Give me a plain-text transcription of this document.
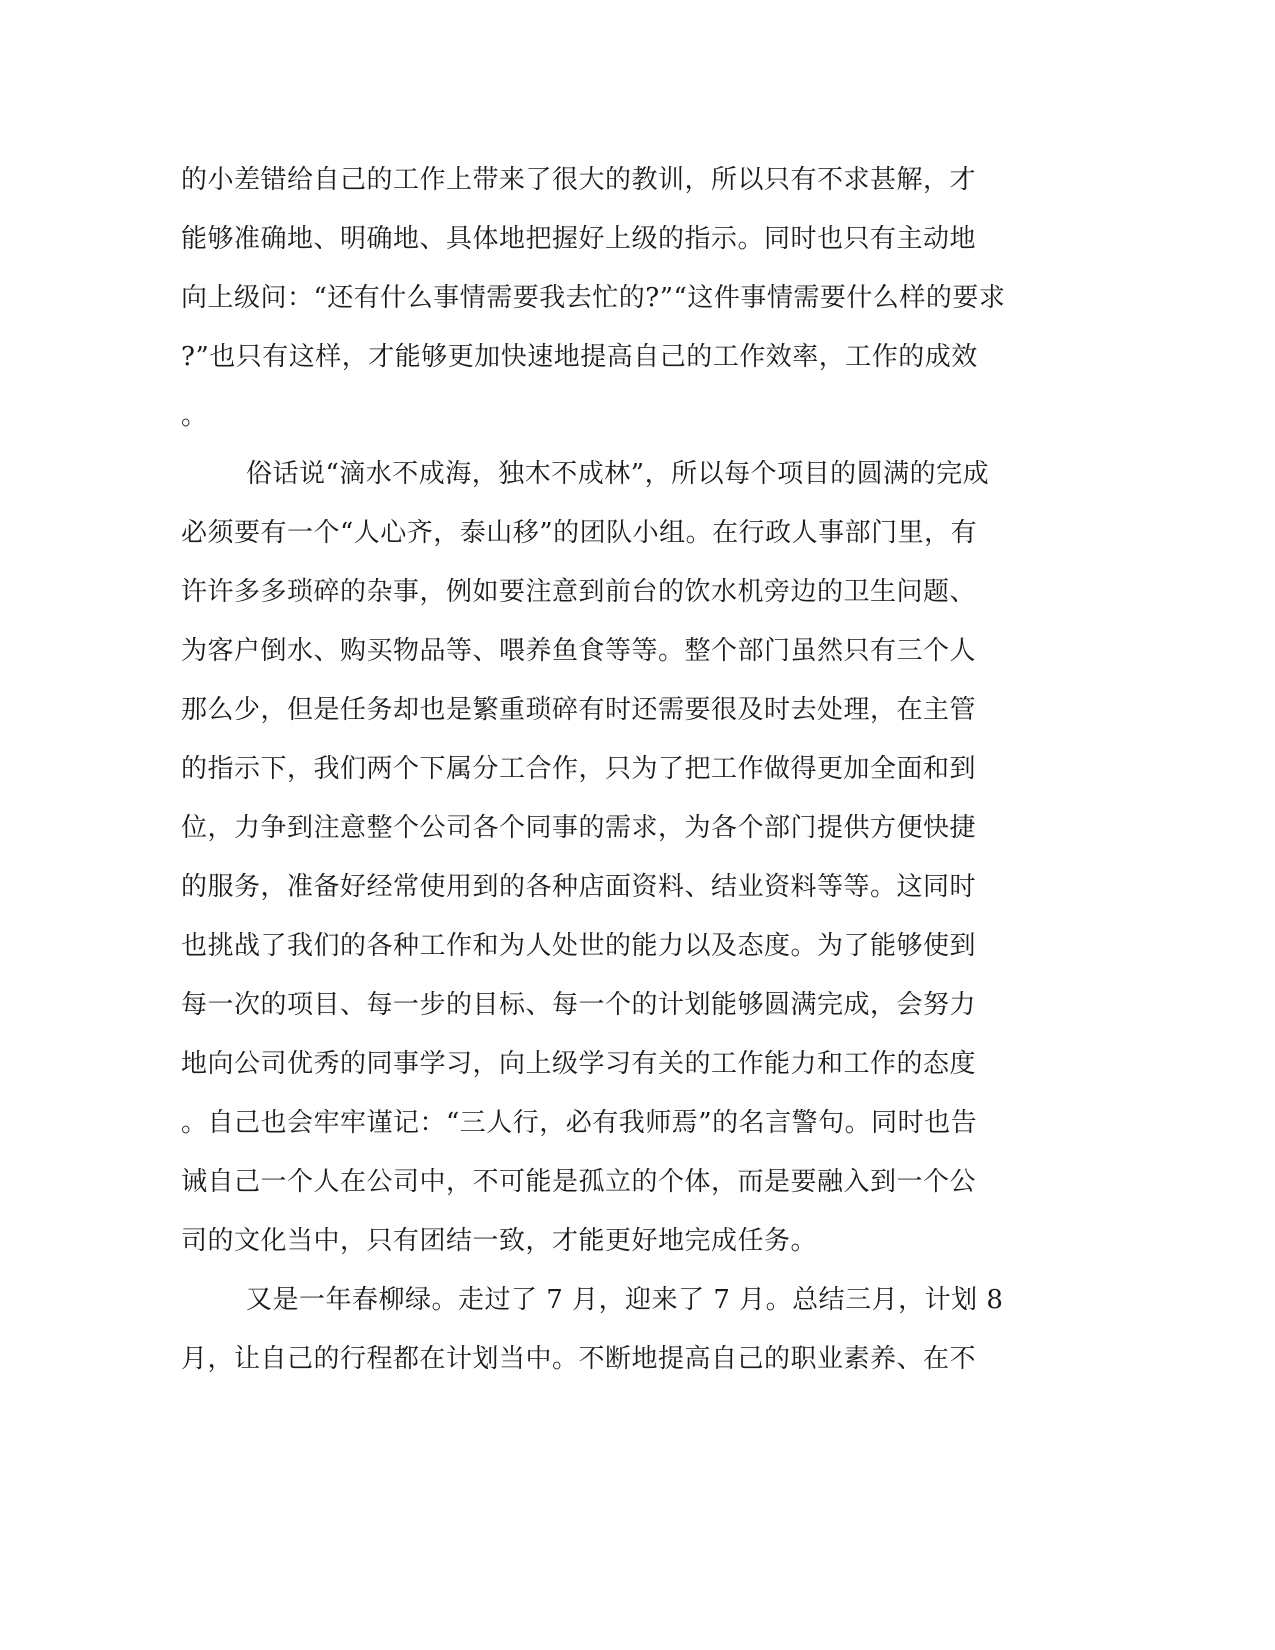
的小差错给自己的工作上带来了很大的教训，所以只有不求甚解，才
能够准确地、明确地、具体地把握好上级的指示。同时也只有主动地
向上级问：“还有什么事情需要我去忙的?”“这件事情需要什么样的要求
?”也只有这样，才能够更加快速地提高自己的工作效率，工作的成效
。
俗话说“滴水不成海，独木不成林”，所以每个项目的圆满的完成
必须要有一个“人心齐，泰山移”的团队小组。在行政人事部门里，有
许许多多琐碎的杂事，例如要注意到前台的饮水机旁边的卫生问题、
为客户倒水、购买物品等、喂养鱼食等等。整个部门虽然只有三个人
那么少，但是任务却也是繁重琐碎有时还需要很及时去处理，在主管
的指示下，我们两个下属分工合作，只为了把工作做得更加全面和到
位，力争到注意整个公司各个同事的需求，为各个部门提供方便快捷
的服务，准备好经常使用到的各种店面资料、结业资料等等。这同时
也挑战了我们的各种工作和为人处世的能力以及态度。为了能够使到
每一次的项目、每一步的目标、每一个的计划能够圆满完成，会努力
地向公司优秀的同事学习，向上级学习有关的工作能力和工作的态度
。自己也会牢牢谨记：“三人行，必有我师焉”的名言警句。同时也告
诫自己一个人在公司中，不可能是孤立的个体，而是要融入到一个公
司的文化当中，只有团结一致，才能更好地完成任务。
又是一年春柳绿。走过了 7 月，迎来了 7 月。总结三月，计划 8
月，让自己的行程都在计划当中。不断地提高自己的职业素养、在不
